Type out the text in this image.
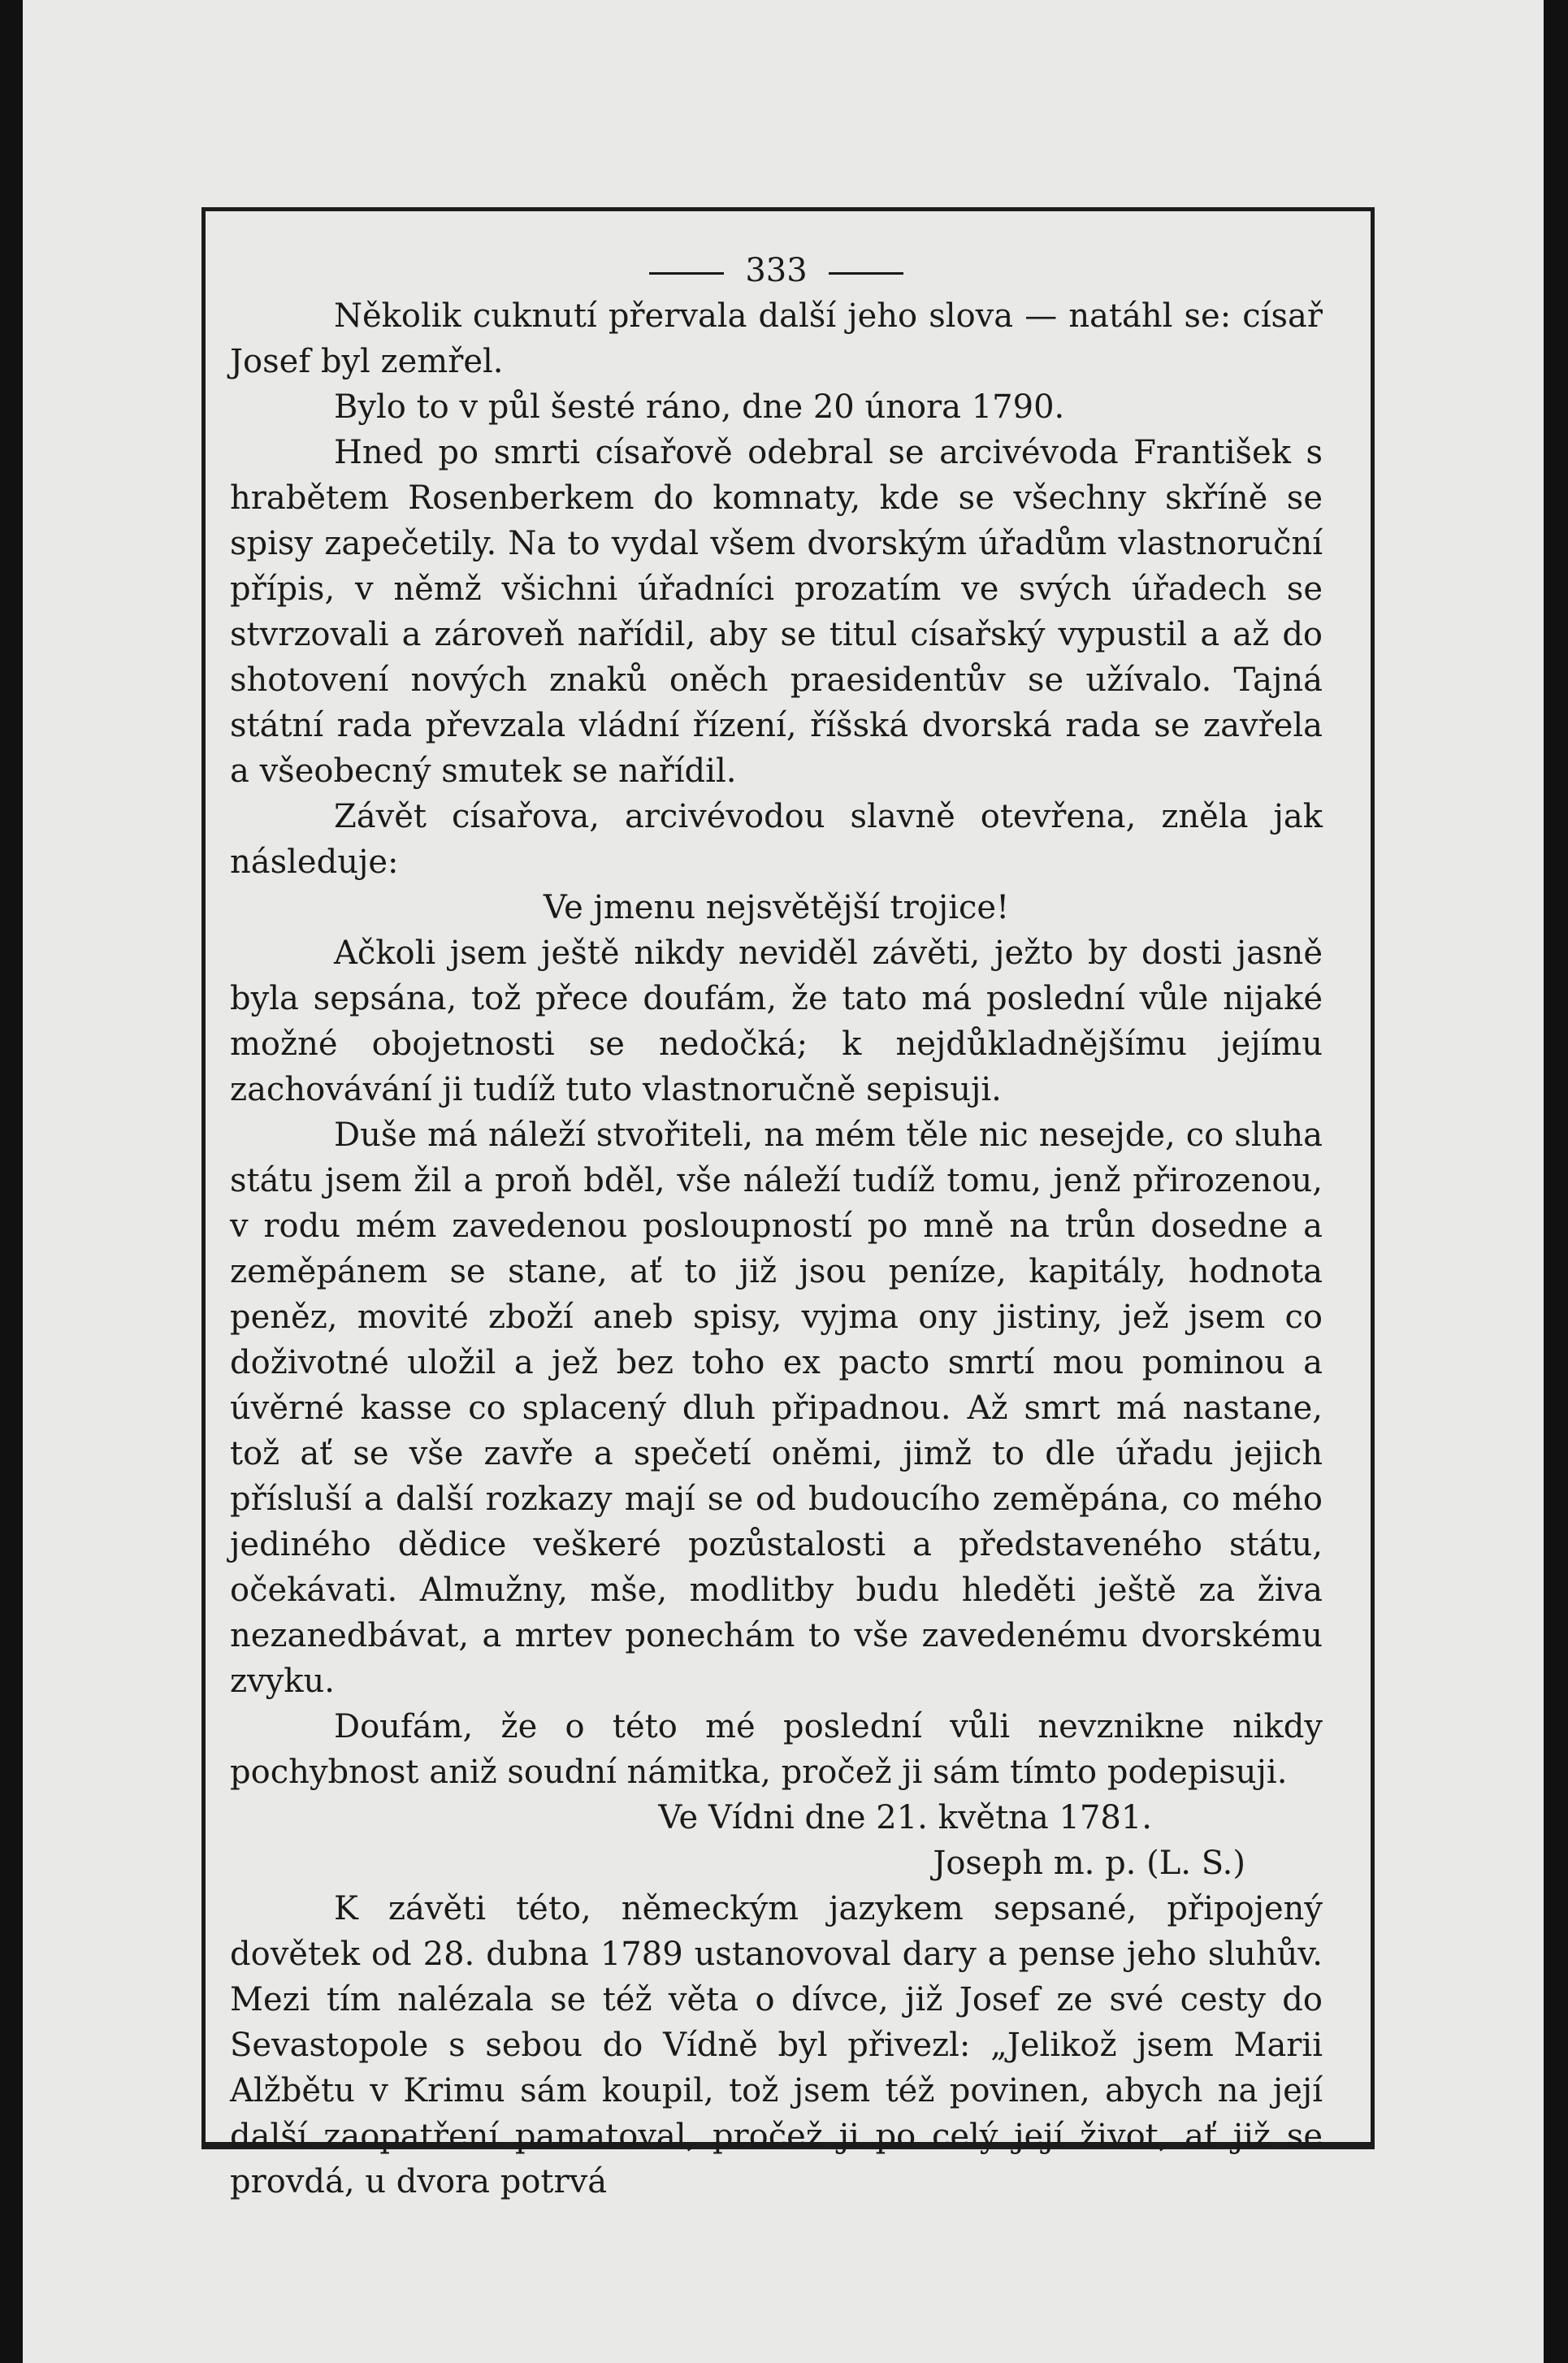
333

Několik cuknutí přervala další jeho slova — natáhl se: císař Josef byl zemřel.

Bylo to v půl šesté ráno, dne 20 února 1790.

Hned po smrti císařově odebral se arcivévoda František s hrabětem Rosenberkem do komnaty, kde se všechny skříně se spisy zapečetily. Na to vydal všem dvorským úřadům vlastnoruční přípis, v němž všichni úřadníci prozatím ve svých úřadech se stvrzovali a zároveň nařídil, aby se titul císařský vypustil a až do shotovení nových znaků oněch praesidentův se užívalo. Tajná státní rada převzala vládní řízení, říšská dvorská rada se zavřela a všeobecný smutek se nařídil.

Závět císařova, arcivévodou slavně otevřena, zněla jak následuje:

Ve jmenu nejsvětější trojice!

Ačkoli jsem ještě nikdy neviděl závěti, ježto by dosti jasně byla sepsána, tož přece doufám, že tato má poslední vůle nijaké možné obojetnosti se nedočká; k nejdůkladnějšímu jejímu zachovávání ji tudíž tuto vlastnoručně sepisuji.

Duše má náleží stvořiteli, na mém těle nic nesejde, co sluha státu jsem žil a proň bděl, vše náleží tudíž tomu, jenž přirozenou, v rodu mém zavedenou posloupností po mně na trůn dosedne a zeměpánem se stane, ať to již jsou peníze, kapitály, hodnota peněz, movité zboží aneb spisy, vyjma ony jistiny, jež jsem co doživotné uložil a jež bez toho ex pacto smrtí mou pominou a úvěrné kasse co splacený dluh připadnou. Až smrt má nastane, tož ať se vše zavře a spečetí oněmi, jimž to dle úřadu jejich přísluší a další rozkazy mají se od budoucího zeměpána, co mého jediného dědice veškeré pozůstalosti a představeného státu, očekávati. Almužny, mše, modlitby budu hleděti ještě za živa nezanedbávat, a mrtev ponechám to vše zavedenému dvorskému zvyku.

Doufám, že o této mé poslední vůli nevznikne nikdy pochybnost aniž soudní námitka, pročež ji sám tímto podepisuji.

Ve Vídni dne 21. května 1781.

Joseph m. p. (L. S.)

K závěti této, německým jazykem sepsané, připojený dovětek od 28. dubna 1789 ustanovoval dary a pense jeho sluhův. Mezi tím nalézala se též věta o dívce, již Josef ze své cesty do Sevastopole s sebou do Vídně byl přivezl: „Jelikož jsem Marii Alžbětu v Krimu sám koupil, tož jsem též povinen, abych na její další zaopatření pamatoval, pročež ji po celý její život, ať již se provdá, u dvora potrvá
